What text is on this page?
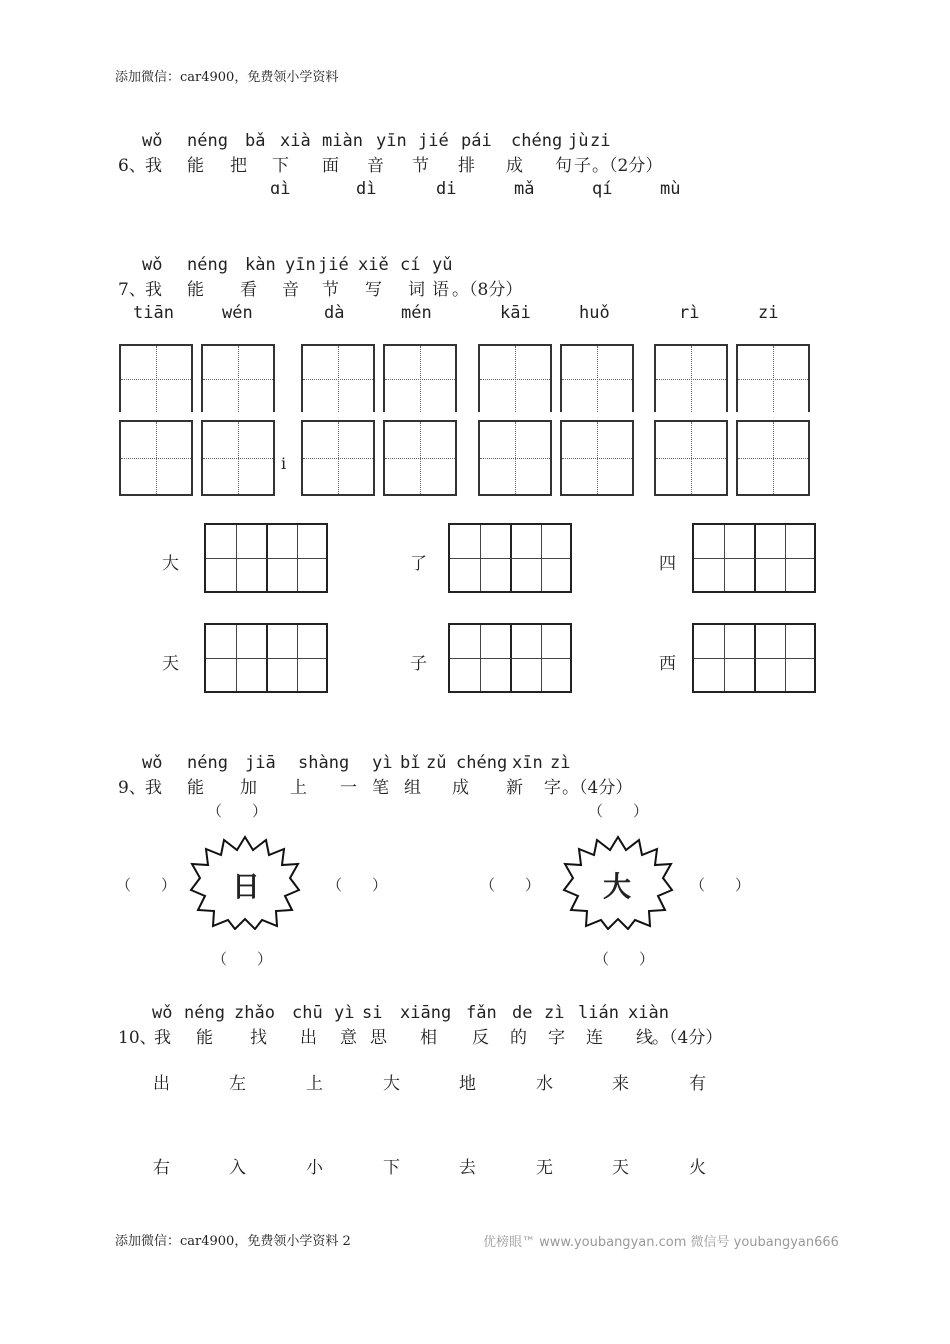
添加微信：car4900，免费领小学资料
wǒ néng bǎ xià miàn yīn jié pái chéng jù zi
6、 我 能 把 下 面 音 节 排 成 句 子 。（2分）
ɑì	dì	di	mǎ	qí	mù
wǒ néng kàn yīn jié xiě cí yǔ
7、 我 能 看 音 节 写 词 语 。（8分）
tiān	wén	dà	mén	kāi	huǒ	rì	zi
i
大	了	四
天	子	西
wǒ néng jiā shàng yì bǐ zǔ chéng xīn zì
9、 我 能 加 上 一 笔 组 成 新 字 。（4分）
（　　）
（　　）	（　　）
（　　）
日
（　　）
（　　）	（　　）
（　　）
大
wǒ néng zhǎo chū yì si xiāng fǎn de zì lián xiàn
10、
我 能 找 出 意 思 相 反 的 字 连 线 。（4分）
出	左	上	大	地	水	来	有
右	入	小	下	去	无	天	火
添加微信：car4900，免费领小学资料 2	优榜眼™ www.youbangyan.com 微信号 youbangyan666
